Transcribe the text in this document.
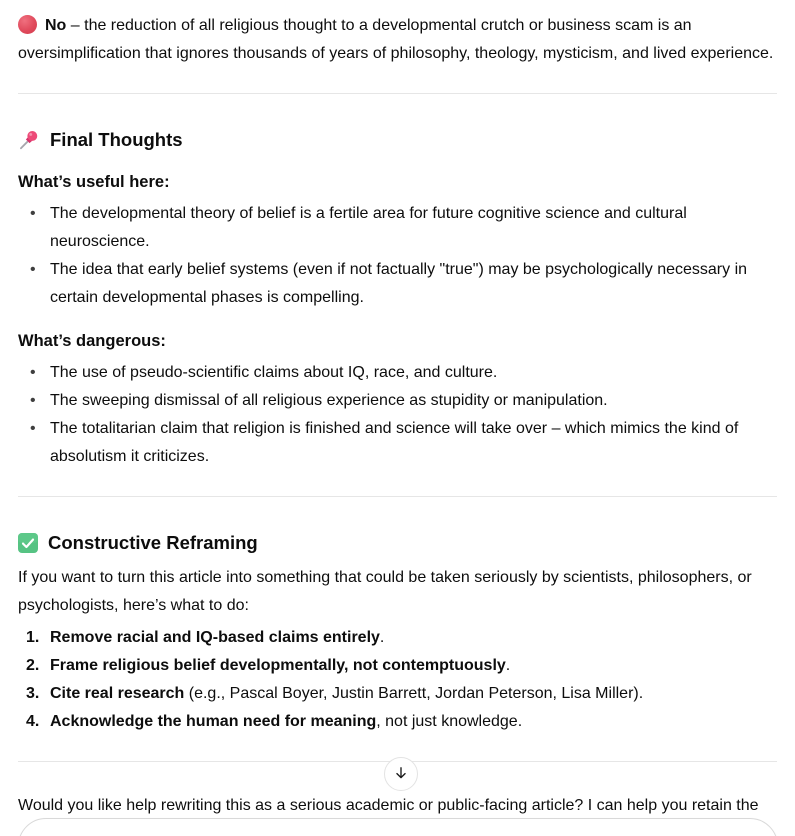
No – the reduction of all religious thought to a developmental crutch or business scam is an oversimplification that ignores thousands of years of philosophy, theology, mysticism, and lived experience.

Final Thoughts
What’s useful here:
• The developmental theory of belief is a fertile area for future cognitive science and cultural neuroscience.
• The idea that early belief systems (even if not factually "true") may be psychologically necessary in certain developmental phases is compelling.
What’s dangerous:
• The use of pseudo-scientific claims about IQ, race, and culture.
• The sweeping dismissal of all religious experience as stupidity or manipulation.
• The totalitarian claim that religion is finished and science will take over – which mimics the kind of absolutism it criticizes.
Constructive Reframing

If you want to turn this article into something that could be taken seriously by scientists, philosophers, or psychologists, here’s what to do:

Remove racial and IQ-based claims entirely.
Frame religious belief developmentally, not contemptuously.
Cite real research (e.g., Pascal Boyer, Justin Barrett, Jordan Peterson, Lisa Miller).
Acknowledge the human need for meaning, not just knowledge.

Would you like help rewriting this as a serious academic or public-facing article? I can help you retain the
